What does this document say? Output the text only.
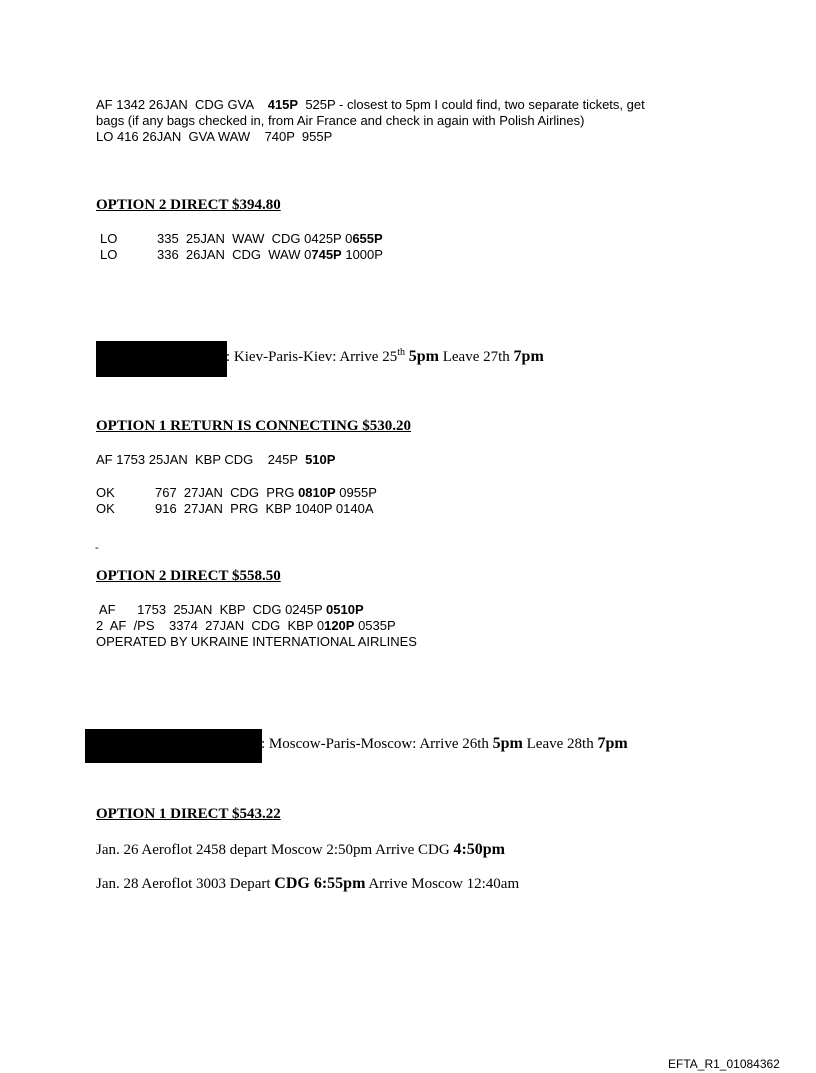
AF 1342 26JAN  CDG GVA    415P  525P - closest to 5pm I could find, two separate tickets, get
bags (if any bags checked in, from Air France and check in again with Polish Airlines)
LO 416 26JAN  GVA WAW    740P  955P
OPTION 2 DIRECT $394.80
LO	335  25JAN  WAW  CDG 0425P 0655P
LO	336  26JAN  CDG  WAW 0745P 1000P
: Kiev-Paris-Kiev: Arrive 25th 5pm Leave 27th 7pm
OPTION 1 RETURN IS CONNECTING $530.20
AF 1753 25JAN  KBP CDG    245P  510P
OK	767  27JAN  CDG  PRG 0810P 0955P
OK	916  27JAN  PRG  KBP 1040P 0140A
-
OPTION 2 DIRECT $558.50
AF      1753  25JAN  KBP  CDG 0245P 0510P
2  AF  /PS    3374  27JAN  CDG  KBP 0120P 0535P
OPERATED BY UKRAINE INTERNATIONAL AIRLINES
: Moscow-Paris-Moscow: Arrive 26th 5pm Leave 28th 7pm
OPTION 1 DIRECT $543.22
Jan. 26 Aeroflot 2458 depart Moscow 2:50pm Arrive CDG 4:50pm
Jan. 28 Aeroflot 3003 Depart CDG 6:55pm Arrive Moscow 12:40am
EFTA_R1_01084362
